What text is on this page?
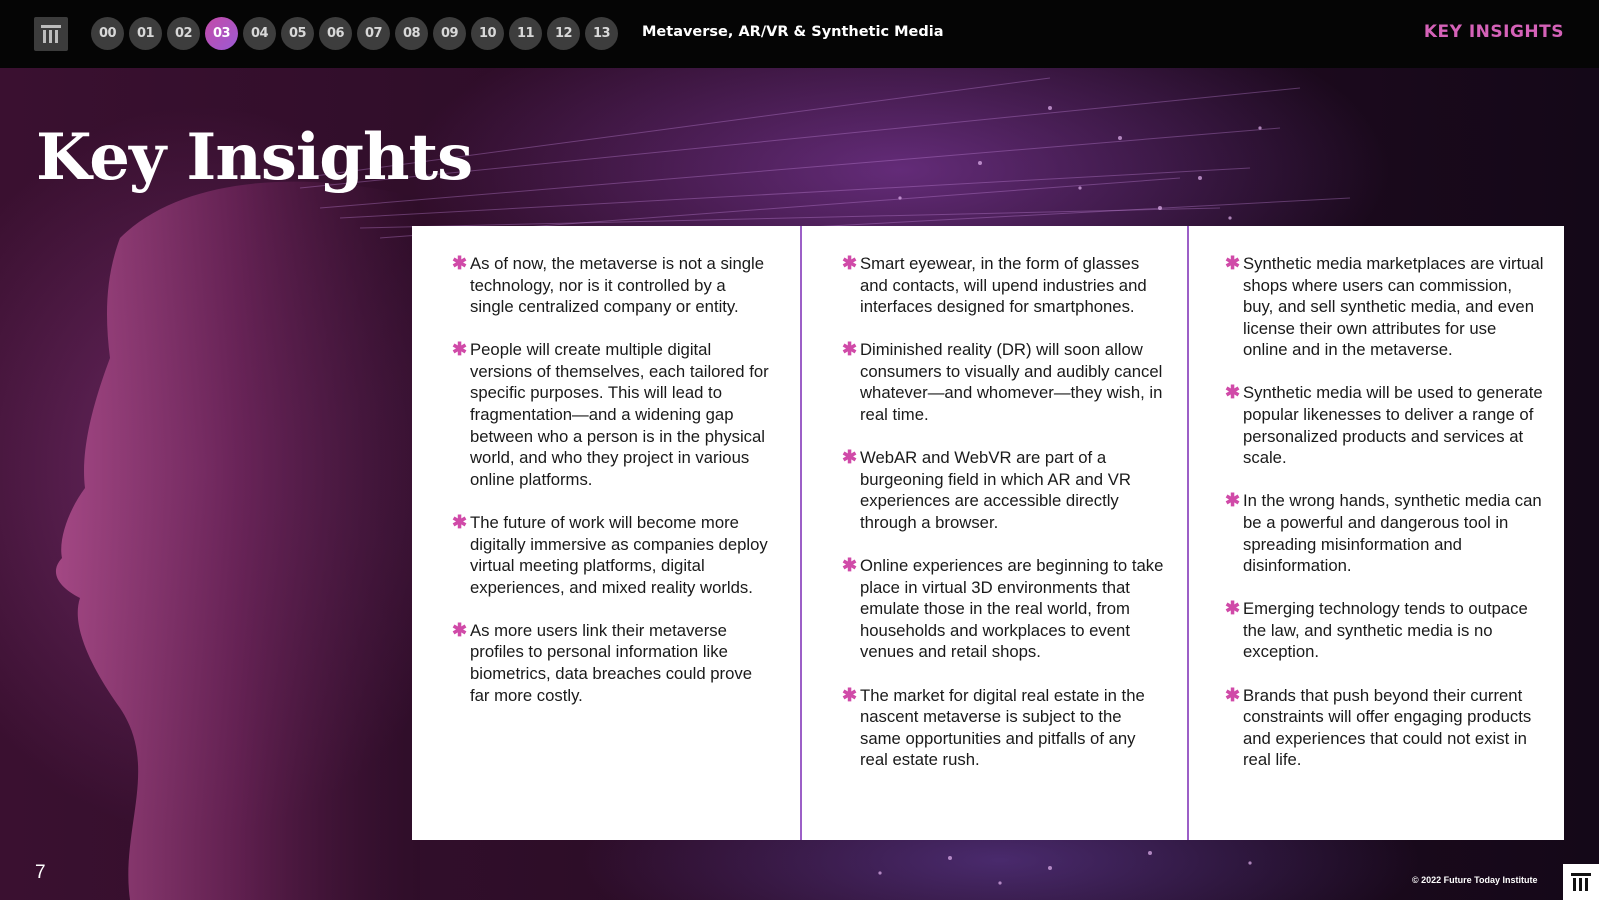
00	01	02	03	04	05	06	07	08	09	10	11	12	13	Metaverse, AR/VR & Synthetic Media	KEY INSIGHTS
Key Insights
✱ As of now, the metaverse is not a single technology, nor is it controlled by a single centralized company or entity.
✱ People will create multiple digital versions of themselves, each tailored for specific purposes. This will lead to fragmentation—and a widening gap between who a person is in the physical world, and who they project in various online platforms.
✱ The future of work will become more digitally immersive as companies deploy virtual meeting platforms, digital experiences, and mixed reality worlds.
✱ As more users link their metaverse profiles to personal information like biometrics, data breaches could prove far more costly.
✱ Smart eyewear, in the form of glasses and contacts, will upend industries and interfaces designed for smartphones.
✱ Diminished reality (DR) will soon allow consumers to visually and audibly cancel whatever—and whomever—they wish, in real time.
✱ WebAR and WebVR are part of a burgeoning field in which AR and VR experiences are accessible directly through a browser.
✱ Online experiences are beginning to take place in virtual 3D environments that emulate those in the real world, from households and workplaces to event venues and retail shops.
✱ The market for digital real estate in the nascent metaverse is subject to the same opportunities and pitfalls of any real estate rush.
✱ Synthetic media marketplaces are virtual shops where users can commission, buy, and sell synthetic media, and even license their own attributes for use online and in the metaverse.
✱ Synthetic media will be used to generate popular likenesses to deliver a range of personalized products and services at scale.
✱ In the wrong hands, synthetic media can be a powerful and dangerous tool in spreading misinformation and disinformation.
✱ Emerging technology tends to outpace the law, and synthetic media is no exception.
✱ Brands that push beyond their current constraints will offer engaging products and experiences that could not exist in real life.
7	© 2022 Future Today Institute
